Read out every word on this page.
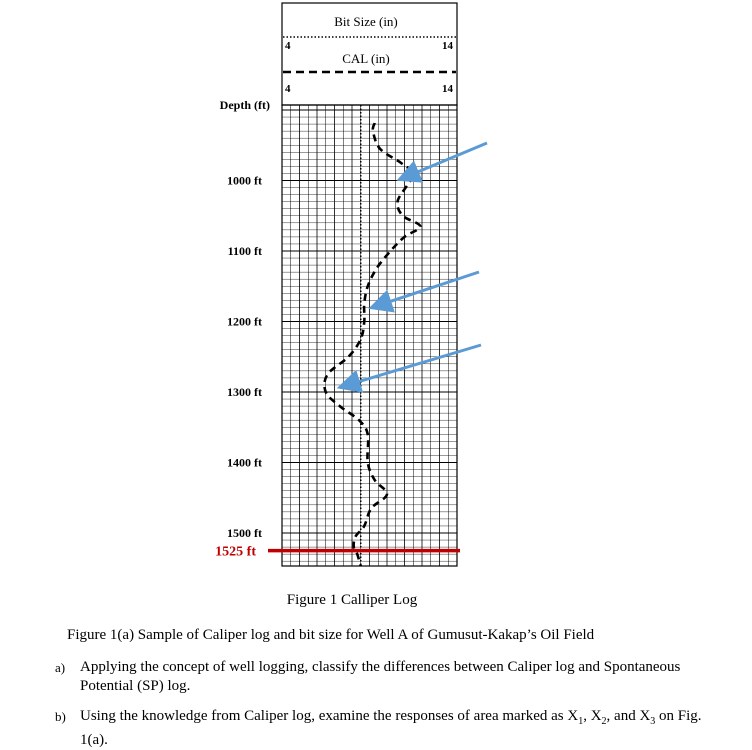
Bit Size (in)
4	14
CAL (in)
4	14
Depth (ft)
1000 ft
1100 ft
1200 ft
1300 ft
1400 ft
1500 ft
1525 ft
Figure 1 Calliper Log
Figure 1(a) Sample of Caliper log and bit size for Well A of Gumusut-Kakap’s Oil Field
a) Applying the concept of well logging, classify the differences between Caliper log and Spontaneous Potential (SP) log.
b) Using the knowledge from Caliper log, examine the responses of area marked as $X_1$, $X_2$, and $X_3$ on Fig. 1(a).
